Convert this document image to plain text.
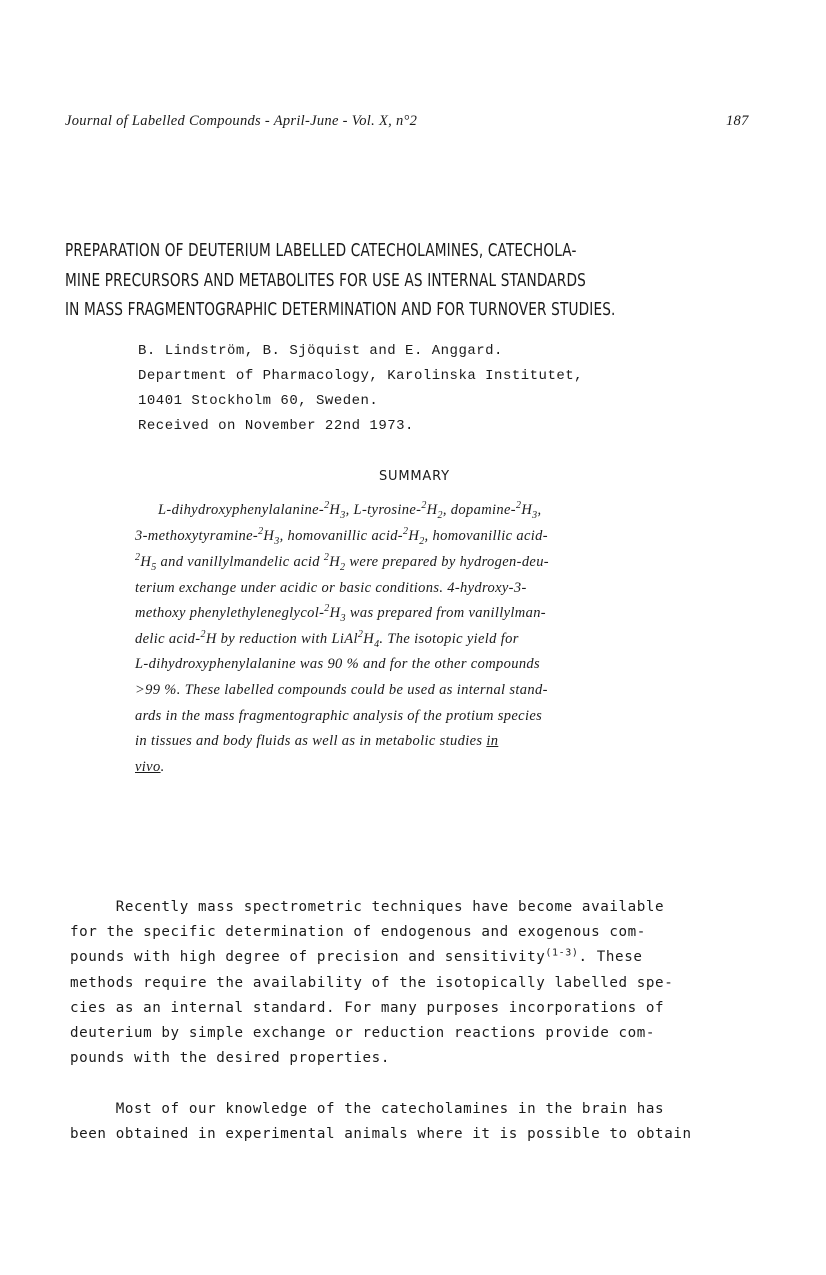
Journal of Labelled Compounds - April-June - Vol. X, n°2	187
PREPARATION OF DEUTERIUM LABELLED CATECHOLAMINES, CATECHOLA-
MINE PRECURSORS AND METABOLITES FOR USE AS INTERNAL STANDARDS
IN MASS FRAGMENTOGRAPHIC DETERMINATION AND FOR TURNOVER STUDIES.
B. Lindström, B. Sjöquist and E. Anggard.
Department of Pharmacology, Karolinska Institutet,
10401 Stockholm 60, Sweden.
Received on November 22nd 1973.
SUMMARY
$L-dihydroxyphenylalanine-^2H_3$, $L-tyrosine-^2H_2$, dopamine-$^2H_3$,
$3-methoxytyramine-^2H_3$, homovanillic acid-$^2H_2$, homovanillic acid-
$^2H_5$ and vanillylmandelic acid $^2H_2$ were prepared by hydrogen-deu-
terium exchange under acidic or basic conditions. 4-hydroxy-3-
methoxy phenylethyleneglycol-$^2H_3$ was prepared from vanillylman-
delic acid-$^2$H by reduction with $LiAl^2H_4$. The isotopic yield for
L-dihydroxyphenylalanine was 90 % and for the other compounds
>99 %. These labelled compounds could be used as internal stand-
ards in the mass fragmentographic analysis of the protium species
in tissues and body fluids as well as in metabolic studies in
vivo.
Recently mass spectrometric techniques have become available
for the specific determination of endogenous and exogenous com-
pounds with high degree of precision and sensitivity$^{(1-3)}$. These
methods require the availability of the isotopically labelled spe-
cies as an internal standard. For many purposes incorporations of
deuterium by simple exchange or reduction reactions provide com-
pounds with the desired properties.
Most of our knowledge of the catecholamines in the brain has
been obtained in experimental animals where it is possible to obtain
